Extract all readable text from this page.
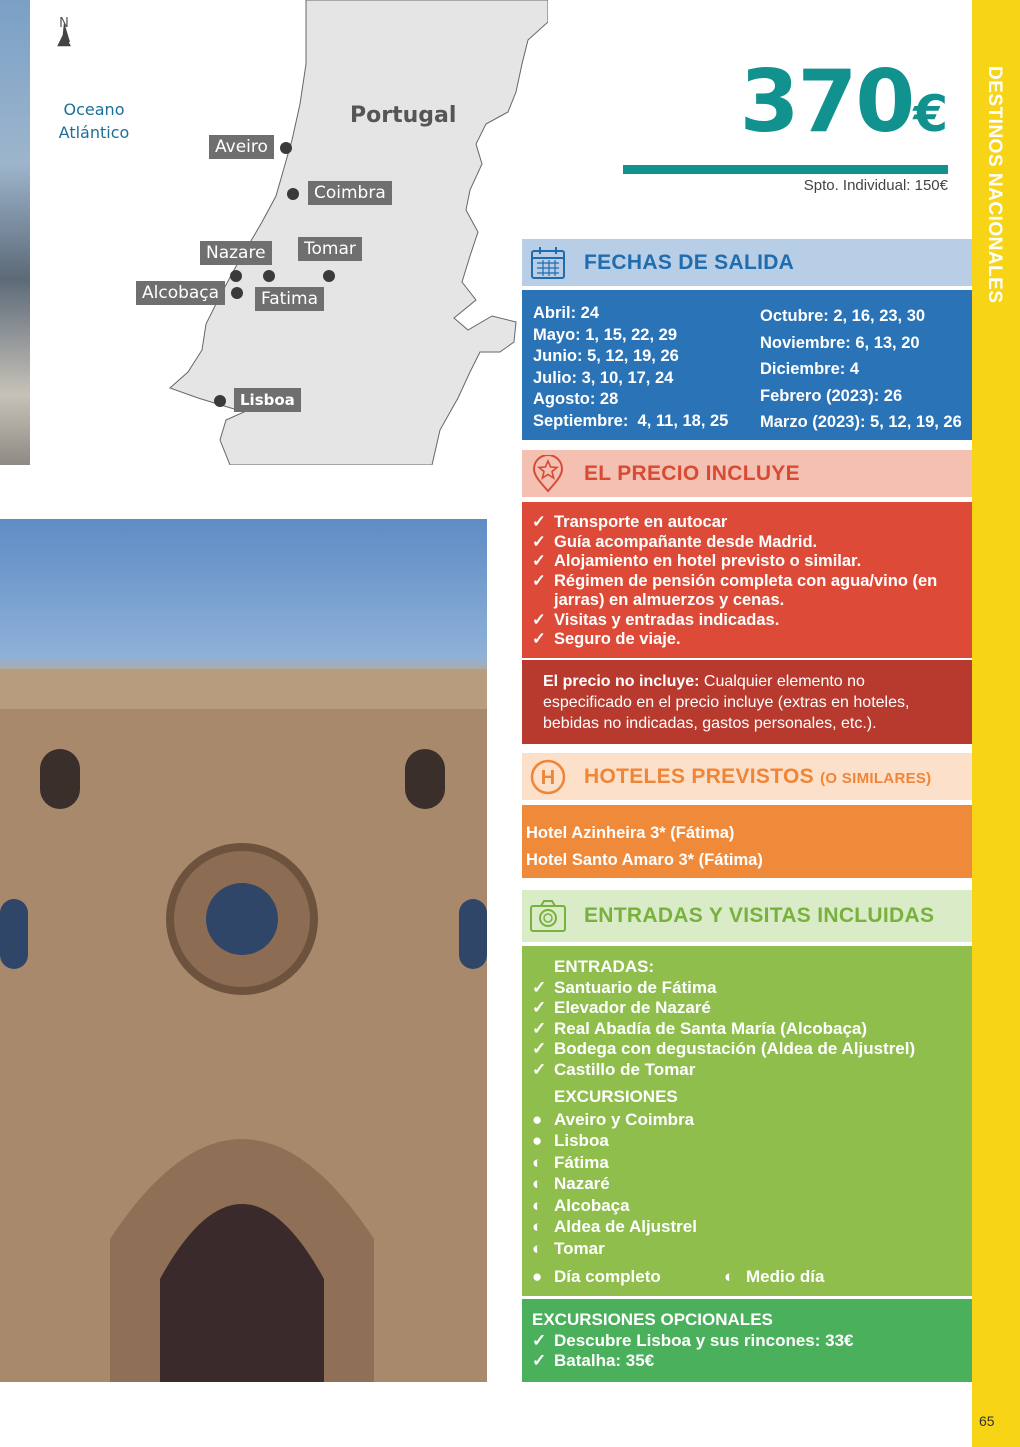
N
▲
Oceano Atlántico
Portugal
Aveiro
Coimbra
Nazare	Tomar
Alcobaça	Fatima
Lisboa
370€
Spto. Individual: 150€
FECHAS DE SALIDA
Abril: 24
Mayo: 1, 15, 22, 29
Junio: 5, 12, 19, 26
Julio: 3, 10, 17, 24
Agosto: 28
Septiembre:  4, 11, 18, 25
Octubre: 2, 16, 23, 30
Noviembre: 6, 13, 20
Diciembre: 4
Febrero (2023): 26
Marzo (2023): 5, 12, 19, 26
EL PRECIO INCLUYE
✓ Transporte en autocar
✓ Guía acompañante desde Madrid.
✓ Alojamiento en hotel previsto o similar.
✓ Régimen de pensión completa con agua/vino (en jarras) en almuerzos y cenas.
✓ Visitas y entradas indicadas.
✓ Seguro de viaje.
El precio no incluye: Cualquier elemento no especificado en el precio incluye (extras en hoteles, bebidas no indicadas, gastos personales, etc.).
H HOTELES PREVISTOS (O SIMILARES)
Hotel Azinheira 3* (Fátima)
Hotel Santo Amaro 3* (Fátima)
ENTRADAS Y VISITAS INCLUIDAS
ENTRADAS:
✓ Santuario de Fátima
✓ Elevador de Nazaré
✓ Real Abadía de Santa María (Alcobaça)
✓ Bodega con degustación (Aldea de Aljustrel)
✓ Castillo de Tomar
EXCURSIONES
● Aveiro y Coimbra
● Lisboa
◐ Fátima
◐ Nazaré
◐ Alcobaça
◐ Aldea de Aljustrel
◐ Tomar
● Día completo	◐ Medio día
EXCURSIONES OPCIONALES
✓ Descubre Lisboa y sus rincones: 33€
✓ Batalha: 35€
DESTINOS NACIONALES
65
